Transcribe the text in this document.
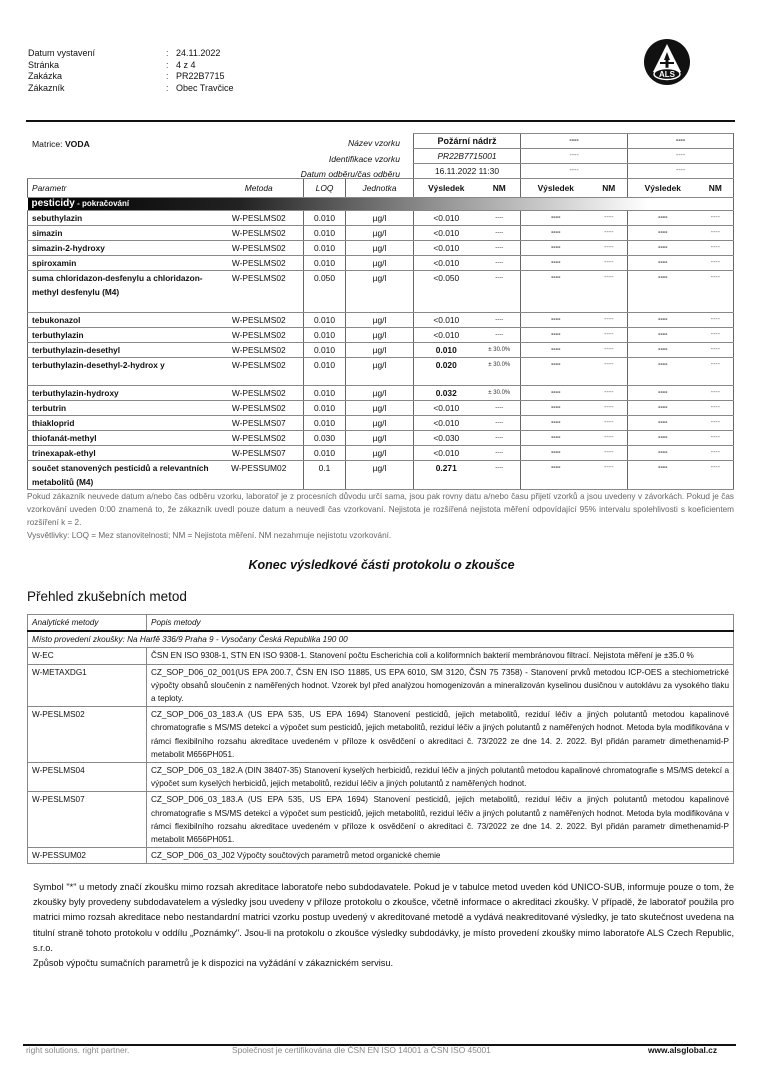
Datum vystavení	: 24.11.2022
Stránka	: 4 z 4
Zakázka	: PR22B7715
Zákazník	: Obec Travčice
ALS
Matrice: VODA	Název vzorku
Identifikace vzorku
Datum odběru/čas odběru
				Požární nádrž		----		----	
				PR22B7715001		----		----	
				16.11.2022 11:30		----		----	
Parametr	Metoda	LOQ	Jednotka	Výsledek	NM	Výsledek	NM	Výsledek	NM
pesticidy - pokračování									
sebuthylazin	W-PESLMS02	0.010	µg/l	<0.010	----	----	----	----	----
simazin	W-PESLMS02	0.010	µg/l	<0.010	----	----	----	----	----
simazin-2-hydroxy	W-PESLMS02	0.010	µg/l	<0.010	----	----	----	----	----
spiroxamin	W-PESLMS02	0.010	µg/l	<0.010	----	----	----	----	----
suma chloridazon-desfenylu a chloridazon-methyl desfenylu (M4)	W-PESLMS02	0.050	µg/l	<0.050	----	----	----	----	----
tebukonazol	W-PESLMS02	0.010	µg/l	<0.010	----	----	----	----	----
terbuthylazin	W-PESLMS02	0.010	µg/l	<0.010	----	----	----	----	----
terbuthylazin-desethyl	W-PESLMS02	0.010	µg/l	0.010	± 30.0%	----	----	----	----
terbuthylazin-desethyl-2-hydrox y	W-PESLMS02	0.010	µg/l	0.020	± 30.0%	----	----	----	----
terbuthylazin-hydroxy	W-PESLMS02	0.010	µg/l	0.032	± 30.0%	----	----	----	----
terbutrin	W-PESLMS02	0.010	µg/l	<0.010	----	----	----	----	----
thiakloprid	W-PESLMS07	0.010	µg/l	<0.010	----	----	----	----	----
thiofanát-methyl	W-PESLMS02	0.030	µg/l	<0.030	----	----	----	----	----
trinexapak-ethyl	W-PESLMS07	0.010	µg/l	<0.010	----	----	----	----	----
součet stanovených pesticidů a relevantních metabolitů (M4)	W-PESSUM02	0.1	µg/l	0.271	----	----	----	----	----

Pokud zákazník neuvede datum a/nebo čas odběru vzorku, laboratoř je z procesních důvodu určí sama, jsou pak rovny datu a/nebo času přijetí vzorků a jsou uvedeny v závorkách. Pokud je čas vzorkování uveden 0:00 znamená to, že zákazník uvedl pouze datum a neuvedl čas vzorkovaní. Nejistota je rozšířená nejistota měření odpovídající 95% intervalu spolehlivosti s koeficientem rozšíření k = 2.

Vysvětlivky: LOQ = Mez stanovitelnosti; NM = Nejistota měření. NM nezahrnuje nejistotu vzorkování.

Konec výsledkové části protokolu o zkoušce
Přehled zkušebních metod
Analytické metody	Popis metody
Místo provedení zkoušky: Na Harfě 336/9 Praha 9 - Vysočany Česká Republika 190 00	
W-EC	ČSN EN ISO 9308-1, STN EN ISO 9308-1. Stanovení počtu Escherichia coli a koliformních bakterií membránovou filtrací. Nejistota měření je ±35.0 %
W-METAXDG1	CZ_SOP_D06_02_001(US EPA 200.7, ČSN EN ISO 11885, US EPA 6010, SM 3120, ČSN 75 7358) - Stanovení prvků metodou ICP-OES a stechiometrické výpočty obsahů sloučenin z naměřených hodnot. Vzorek byl před analýzou homogenizován a mineralizován kyselinou dusičnou v autoklávu za vysokého tlaku a teploty.
W-PESLMS02	CZ_SOP_D06_03_183.A (US EPA 535, US EPA 1694) Stanovení pesticidů, jejich metabolitů, reziduí léčiv a jiných polutantů metodou kapalinové chromatografie s MS/MS detekcí a výpočet sum pesticidů, jejich metabolitů, reziduí léčiv a jiných polutantů z naměřených hodnot. Metoda byla modifikována v rámci flexibilního rozsahu akreditace uvedeném v příloze k osvědčení o akreditaci č. 73/2022 ze dne 14. 2. 2022. Byl přidán parametr dimethenamid-P metabolit M656PH051.
W-PESLMS04	CZ_SOP_D06_03_182.A (DIN 38407-35) Stanovení kyselých herbicidů, reziduí léčiv a jiných polutantů metodou kapalinové chromatografie s MS/MS detekcí a výpočet sum kyselých herbicidů, jejich metabolitů, reziduí léčiv a jiných polutantů z naměřených hodnot.
W-PESLMS07	CZ_SOP_D06_03_183.A (US EPA 535, US EPA 1694) Stanovení pesticidů, jejich metabolitů, reziduí léčiv a jiných polutantů metodou kapalinové chromatografie s MS/MS detekcí a výpočet sum pesticidů, jejich metabolitů, reziduí léčiv a jiných polutantů z naměřených hodnot. Metoda byla modifikována v rámci flexibilního rozsahu akreditace uvedeném v příloze k osvědčení o akreditaci č. 73/2022 ze dne 14. 2. 2022. Byl přidán parametr dimethenamid-P metabolit M656PH051.
W-PESSUM02	CZ_SOP_D06_03_J02 Výpočty součtových parametrů metod organické chemie

Symbol "*" u metody značí zkoušku mimo rozsah akreditace laboratoře nebo subdodavatele. Pokud je v tabulce metod uveden kód UNICO-SUB, informuje pouze o tom, že zkoušky byly provedeny subdodavatelem a výsledky jsou uvedeny v příloze protokolu o zkoušce, včetně informace o akreditaci zkoušky. V případě, že laboratoř použila pro matrici mimo rozsah akreditace nebo nestandardní matrici vzorku postup uvedený v akreditované metodě a vydává neakreditované výsledky, je tato skutečnost uvedena na titulní straně tohoto protokolu v oddílu „Poznámky". Jsou-li na protokolu o zkoušce výsledky subdodávky, je místo provedení zkoušky mimo laboratoře ALS Czech Republic, s.r.o.

Způsob výpočtu sumačních parametrů je k dispozici na vyžádání v zákaznickém servisu.

right solutions. right partner.	Společnost je certifikována dle ČSN EN ISO 14001 a ČSN ISO 45001	www.alsglobal.cz
